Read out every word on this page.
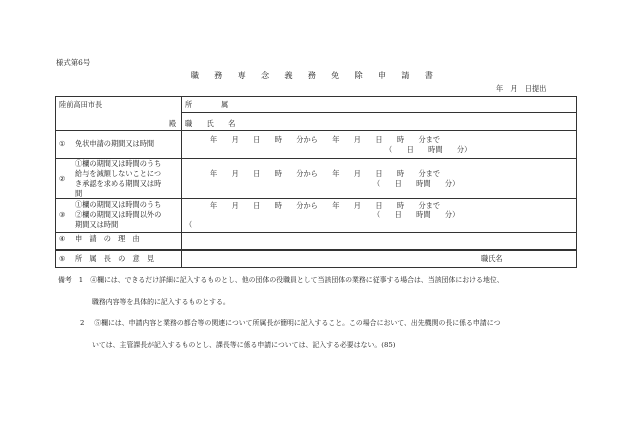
様式第6号
職 務 専 念 義 務 免 除 申 請 書
年　月　日提出
陸前高田市長
殿
所　　　　属
職　　氏　　名
① 免状申請の期間又は時間	年　　月　　日　　時　　分から　　年　　月　　日　　時　　分まで
（　　日　　時間　　分）
②
①欄の期間又は時間のうち
給与を減額しないことにつ
き承認を求める期間又は時
間
年　　月　　日　　時　　分から　　年　　月　　日　　時　　分まで
（　　日　　時間　　分）
③
①欄の期間又は時間のうち
②欄の期間又は時間以外の
期間又は時間
年　　月　　日　　時　　分から　　年　　月　　日　　時　　分まで
（　　日　　時間　　分）
（
④ 申　請　の　理　由
⑤ 所　属　長　の　意　見	職氏名
備考 1 ④欄には、できるだけ詳細に記入するものとし、他の団体の役職員として当該団体の業務に従事する場合は、当該団体における地位、
職務内容等を具体的に記入するものとする。
2 ⑤欄には、申請内容と業務の都合等の関連について所属長が簡明に記入すること。この場合において、出先機関の長に係る申請につ
いては、主管課長が記入するものとし、課長等に係る申請については、記入する必要はない。(85)
